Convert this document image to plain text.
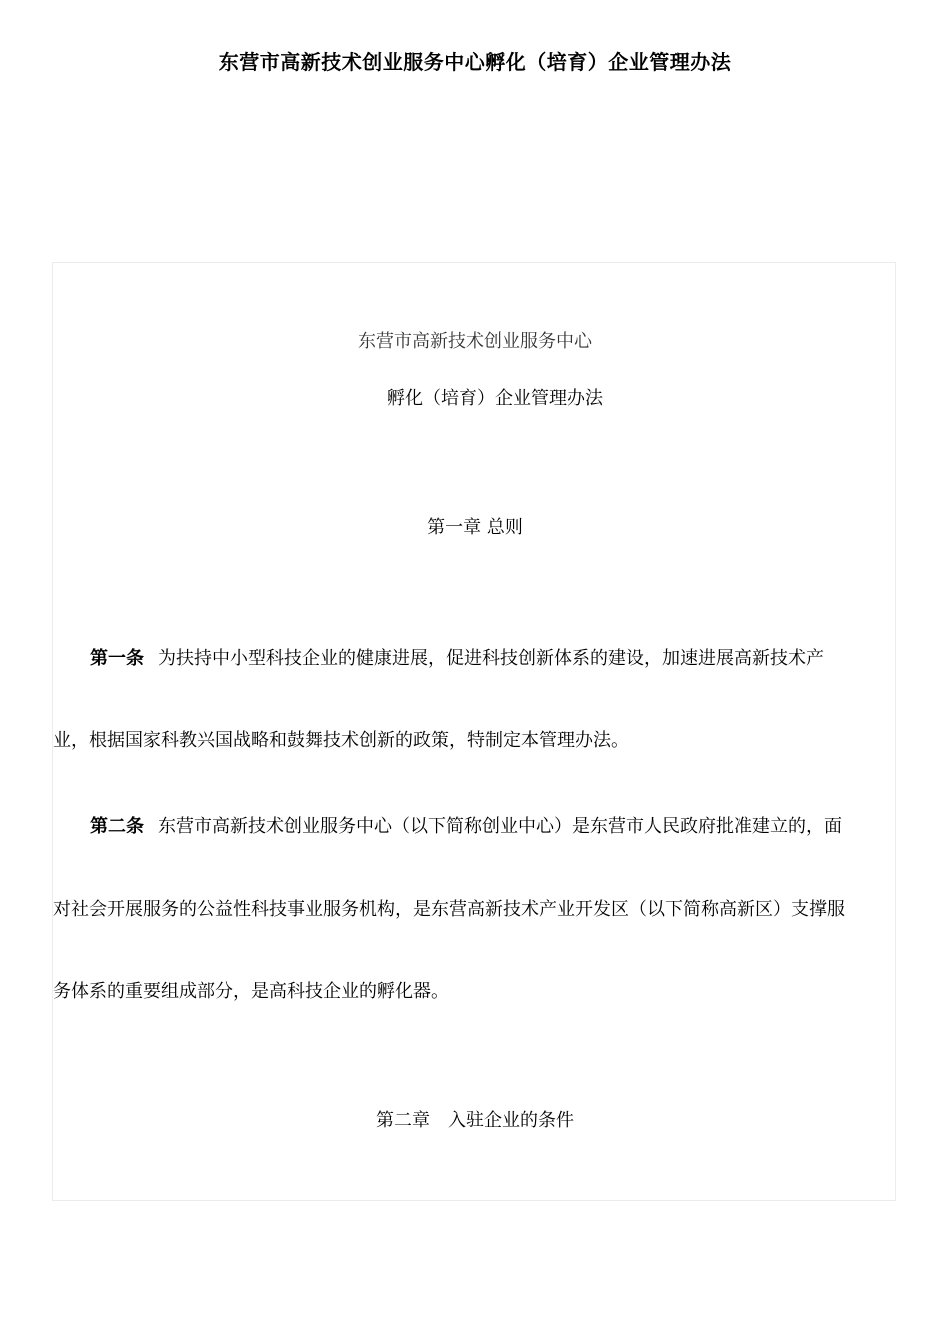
东营市高新技术创业服务中心孵化（培育）企业管理办法
东营市高新技术创业服务中心
孵化（培育）企业管理办法
第一章 总则
第一条 为扶持中小型科技企业的健康进展，促进科技创新体系的建设，加速进展高新技术产
业，根据国家科教兴国战略和鼓舞技术创新的政策，特制定本管理办法。
第二条 东营市高新技术创业服务中心（以下简称创业中心）是东营市人民政府批准建立的，面
对社会开展服务的公益性科技事业服务机构，是东营高新技术产业开发区（以下简称高新区）支撑服
务体系的重要组成部分，是高科技企业的孵化器。
第二章　入驻企业的条件
